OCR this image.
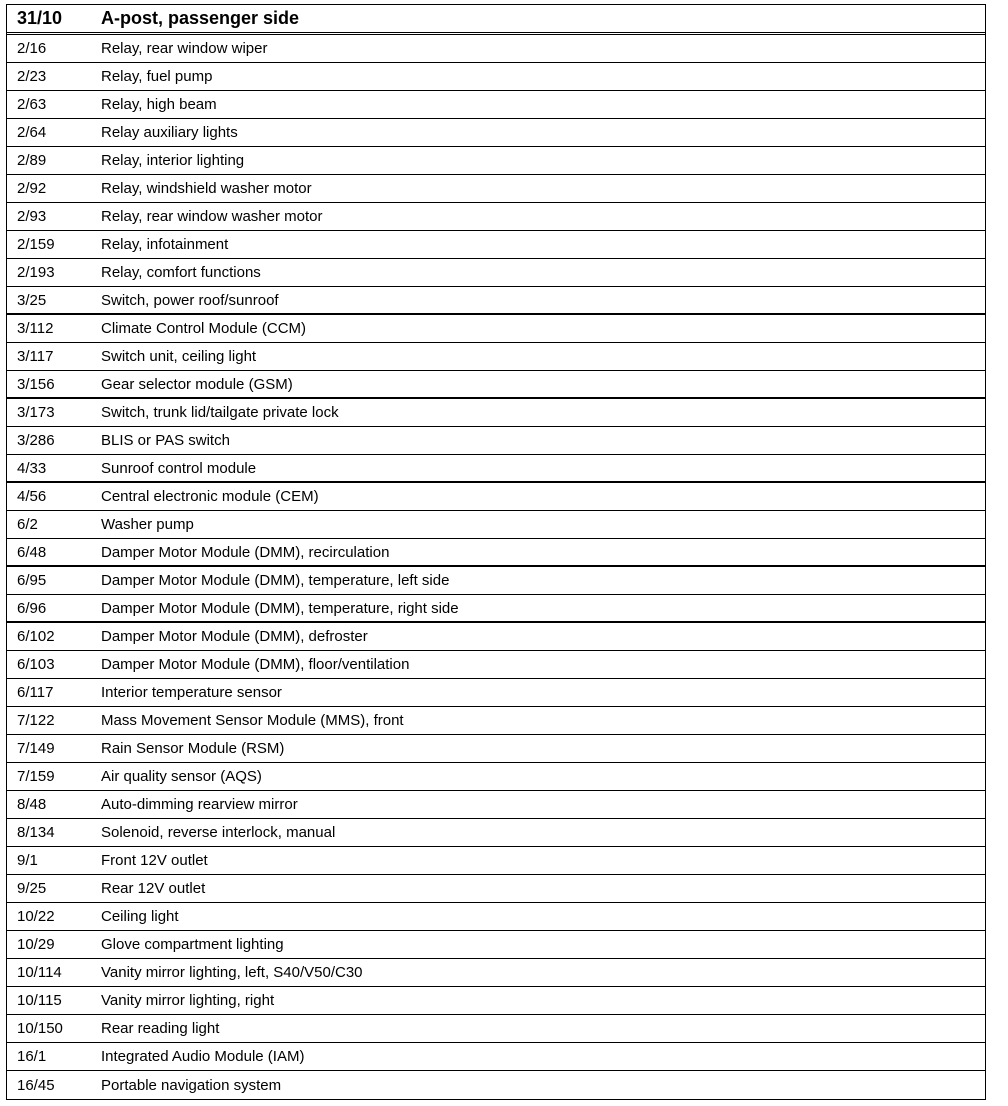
31/10	A-post, passenger side
2/16	Relay, rear window wiper
2/23	Relay, fuel pump
2/63	Relay, high beam
2/64	Relay auxiliary lights
2/89	Relay, interior lighting
2/92	Relay, windshield washer motor
2/93	Relay, rear window washer motor
2/159	Relay, infotainment
2/193	Relay, comfort functions
3/25	Switch, power roof/sunroof
3/112	Climate Control Module (CCM)
3/117	Switch unit, ceiling light
3/156	Gear selector module (GSM)
3/173	Switch, trunk lid/tailgate private lock
3/286	BLIS or PAS switch
4/33	Sunroof control module
4/56	Central electronic module (CEM)
6/2	Washer pump
6/48	Damper Motor Module (DMM), recirculation
6/95	Damper Motor Module (DMM), temperature, left side
6/96	Damper Motor Module (DMM), temperature, right side
6/102	Damper Motor Module (DMM), defroster
6/103	Damper Motor Module (DMM), floor/ventilation
6/117	Interior temperature sensor
7/122	Mass Movement Sensor Module (MMS), front
7/149	Rain Sensor Module (RSM)
7/159	Air quality sensor (AQS)
8/48	Auto-dimming rearview mirror
8/134	Solenoid, reverse interlock, manual
9/1	Front 12V outlet
9/25	Rear 12V outlet
10/22	Ceiling light
10/29	Glove compartment lighting
10/114	Vanity mirror lighting, left, S40/V50/C30
10/115	Vanity mirror lighting, right
10/150	Rear reading light
16/1	Integrated Audio Module (IAM)
16/45	Portable navigation system
